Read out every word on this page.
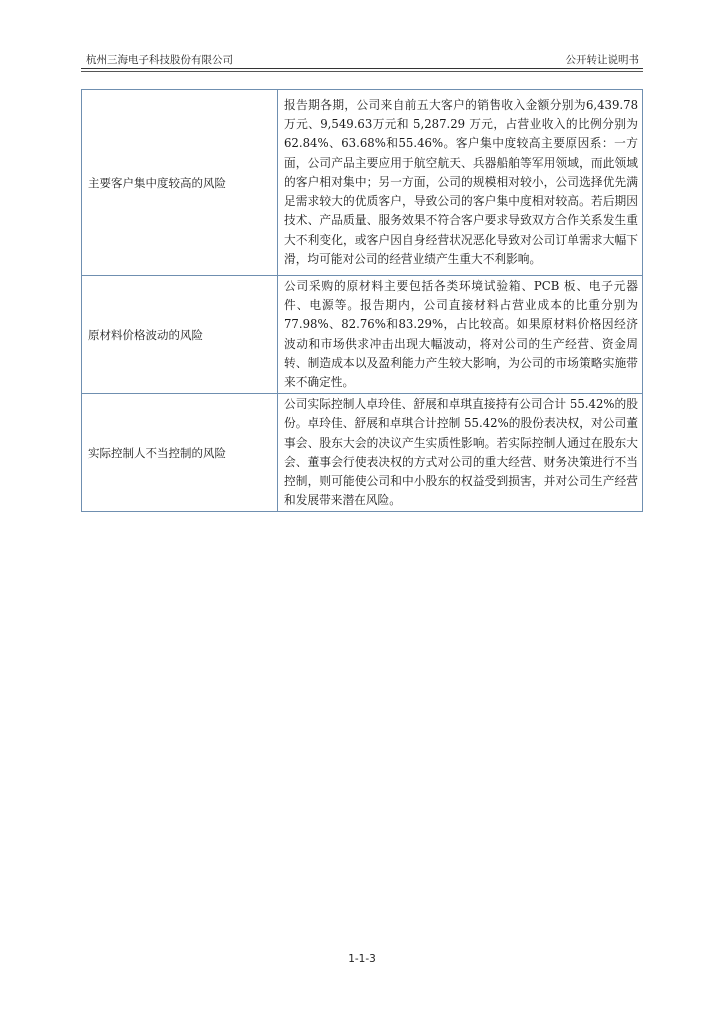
杭州三海电子科技股份有限公司	公开转让说明书
主要客户集中度较高的风险	报告期各期，公司来自前五大客户的销售收入金额分别为6,439.78万元、9,549.63万元和 5,287.29 万元，占营业收入的比例分别为62.84%、63.68%和55.46%。客户集中度较高主要原因系：一方面，公司产品主要应用于航空航天、兵器船舶等军用领域，而此领域的客户相对集中；另一方面，公司的规模相对较小，公司选择优先满足需求较大的优质客户，导致公司的客户集中度相对较高。若后期因技术、产品质量、服务效果不符合客户要求导致双方合作关系发生重大不利变化，或客户因自身经营状况恶化导致对公司订单需求大幅下滑，均可能对公司的经营业绩产生重大不利影响。
原材料价格波动的风险	公司采购的原材料主要包括各类环境试验箱、PCB 板、电子元器件、电源等。报告期内，公司直接材料占营业成本的比重分别为77.98%、82.76%和83.29%，占比较高。如果原材料价格因经济波动和市场供求冲击出现大幅波动，将对公司的生产经营、资金周转、制造成本以及盈利能力产生较大影响，为公司的市场策略实施带来不确定性。
实际控制人不当控制的风险	公司实际控制人卓玲佳、舒展和卓琪直接持有公司合计 55.42%的股份。卓玲佳、舒展和卓琪合计控制 55.42%的股份表决权，对公司董事会、股东大会的决议产生实质性影响。若实际控制人通过在股东大会、董事会行使表决权的方式对公司的重大经营、财务决策进行不当控制，则可能使公司和中小股东的权益受到损害，并对公司生产经营和发展带来潜在风险。
1-1-3
